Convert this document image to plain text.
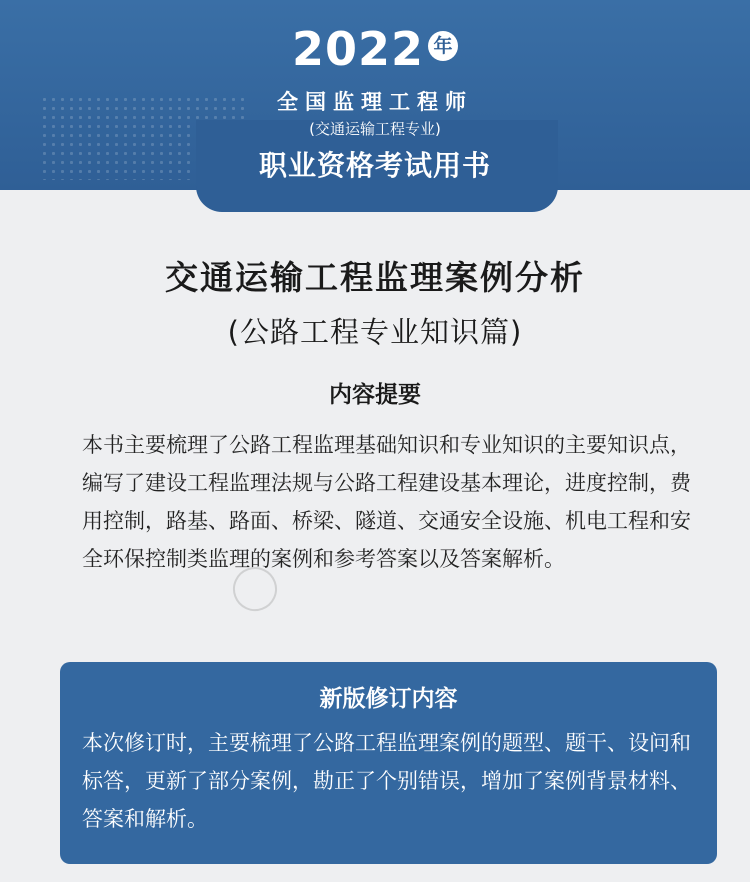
2022 年
全国监理工程师
(交通运输工程专业)
职业资格考试用书
交通运输工程监理案例分析
(公路工程专业知识篇)
内容提要

本书主要梳理了公路工程监理基础知识和专业知识的主要知识点，编写了建设工程监理法规与公路工程建设基本理论，进度控制，费用控制，路基、路面、桥梁、隧道、交通安全设施、机电工程和安全环保控制类监理的案例和参考答案以及答案解析。

新版修订内容

本次修订时，主要梳理了公路工程监理案例的题型、题干、设问和标答，更新了部分案例，勘正了个别错误，增加了案例背景材料、答案和解析。
